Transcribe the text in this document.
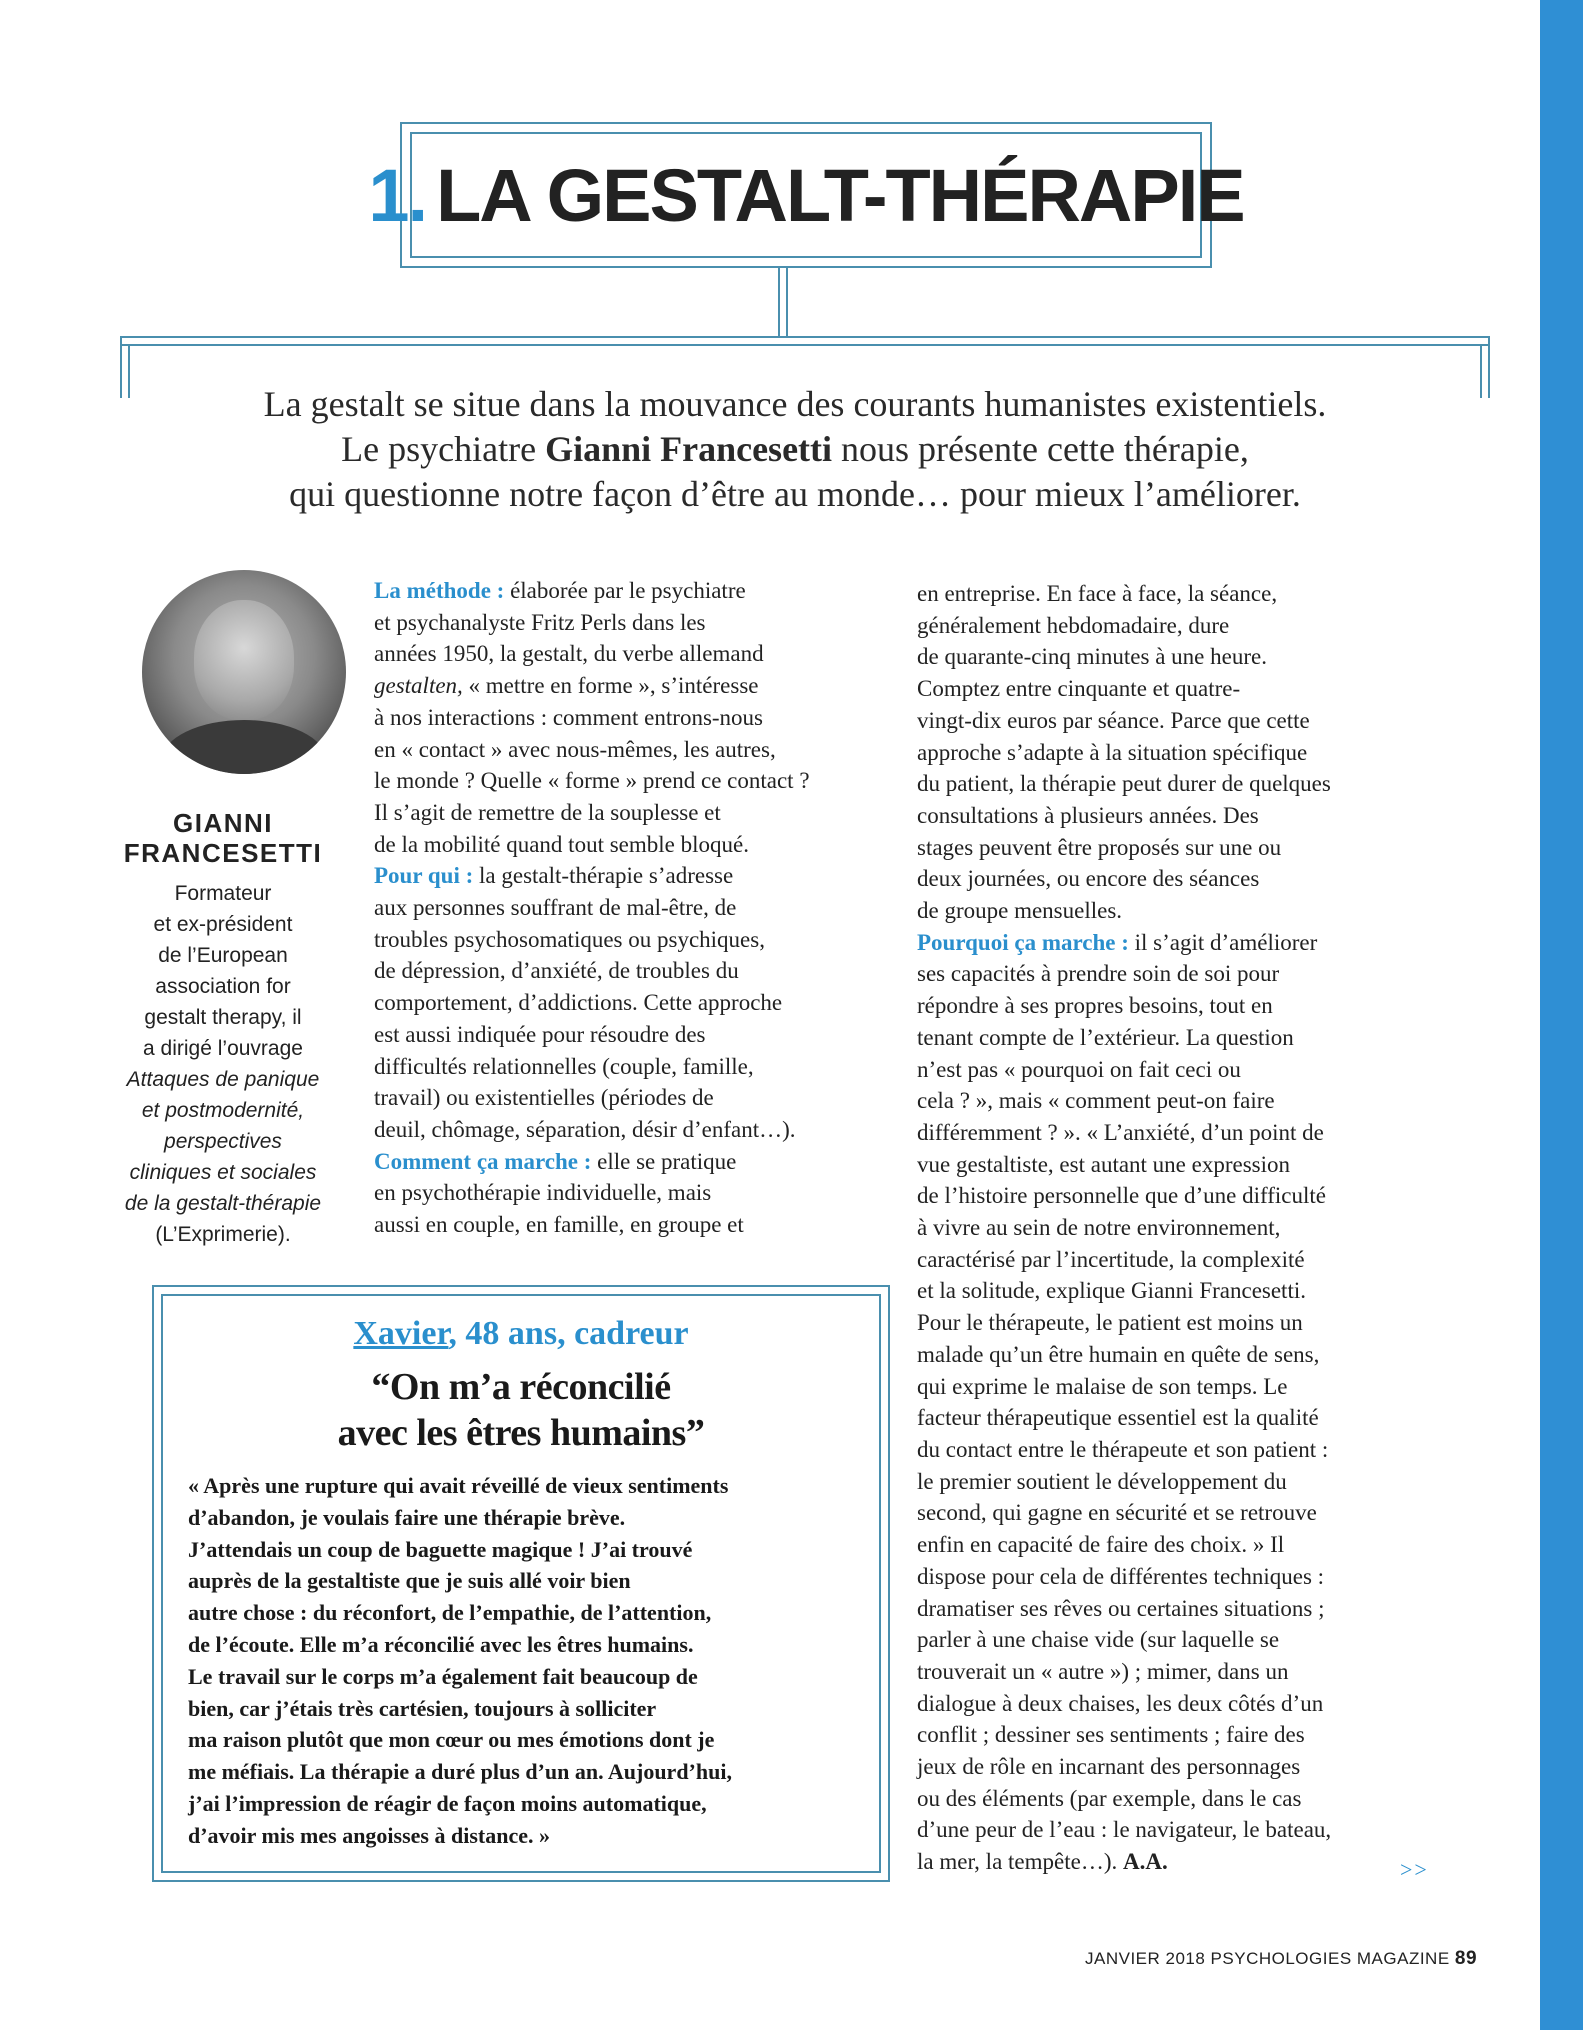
1. LA GESTALT-THÉRAPIE
La gestalt se situe dans la mouvance des courants humanistes existentiels.
Le psychiatre Gianni Francesetti nous présente cette thérapie,
qui questionne notre façon d’être au monde… pour mieux l’améliorer.
GIANNI
FRANCESETTI
Formateur
et ex-président
de l’European
association for
gestalt therapy, il
a dirigé l’ouvrage
Attaques de panique
et postmodernité,
perspectives
cliniques et sociales
de la gestalt-thérapie
(L’Exprimerie).
La méthode : élaborée par le psychiatre
et psychanalyste Fritz Perls dans les
années 1950, la gestalt, du verbe allemand
gestalten, « mettre en forme », s’intéresse
à nos interactions : comment entrons-nous
en « contact » avec nous-mêmes, les autres,
le monde ? Quelle « forme » prend ce contact ?
Il s’agit de remettre de la souplesse et
de la mobilité quand tout semble bloqué.
Pour qui : la gestalt-thérapie s’adresse
aux personnes souffrant de mal-être, de
troubles psychosomatiques ou psychiques,
de dépression, d’anxiété, de troubles du
comportement, d’addictions. Cette approche
est aussi indiquée pour résoudre des
difficultés relationnelles (couple, famille,
travail) ou existentielles (périodes de
deuil, chômage, séparation, désir d’enfant…).
Comment ça marche : elle se pratique
en psychothérapie individuelle, mais
aussi en couple, en famille, en groupe et
en entreprise. En face à face, la séance,
généralement hebdomadaire, dure
de quarante-cinq minutes à une heure.
Comptez entre cinquante et quatre-
vingt-dix euros par séance. Parce que cette
approche s’adapte à la situation spécifique
du patient, la thérapie peut durer de quelques
consultations à plusieurs années. Des
stages peuvent être proposés sur une ou
deux journées, ou encore des séances
de groupe mensuelles.
Pourquoi ça marche : il s’agit d’améliorer
ses capacités à prendre soin de soi pour
répondre à ses propres besoins, tout en
tenant compte de l’extérieur. La question
n’est pas « pourquoi on fait ceci ou
cela ? », mais « comment peut-on faire
différemment ? ». « L’anxiété, d’un point de
vue gestaltiste, est autant une expression
de l’histoire personnelle que d’une difficulté
à vivre au sein de notre environnement,
caractérisé par l’incertitude, la complexité
et la solitude, explique Gianni Francesetti.
Pour le thérapeute, le patient est moins un
malade qu’un être humain en quête de sens,
qui exprime le malaise de son temps. Le
facteur thérapeutique essentiel est la qualité
du contact entre le thérapeute et son patient :
le premier soutient le développement du
second, qui gagne en sécurité et se retrouve
enfin en capacité de faire des choix. » Il
dispose pour cela de différentes techniques :
dramatiser ses rêves ou certaines situations ;
parler à une chaise vide (sur laquelle se
trouverait un « autre ») ; mimer, dans un
dialogue à deux chaises, les deux côtés d’un
conflit ; dessiner ses sentiments ; faire des
jeux de rôle en incarnant des personnages
ou des éléments (par exemple, dans le cas
d’une peur de l’eau : le navigateur, le bateau,
la mer, la tempête…). A.A.
Xavier, 48 ans, cadreur
“On m’a réconcilié
avec les êtres humains”
« Après une rupture qui avait réveillé de vieux sentiments
d’abandon, je voulais faire une thérapie brève.
J’attendais un coup de baguette magique ! J’ai trouvé
auprès de la gestaltiste que je suis allé voir bien
autre chose : du réconfort, de l’empathie, de l’attention,
de l’écoute. Elle m’a réconcilié avec les êtres humains.
Le travail sur le corps m’a également fait beaucoup de
bien, car j’étais très cartésien, toujours à solliciter
ma raison plutôt que mon cœur ou mes émotions dont je
me méfiais. La thérapie a duré plus d’un an. Aujourd’hui,
j’ai l’impression de réagir de façon moins automatique,
d’avoir mis mes angoisses à distance. »
>>
JANVIER 2018 PSYCHOLOGIES MAGAZINE 89
